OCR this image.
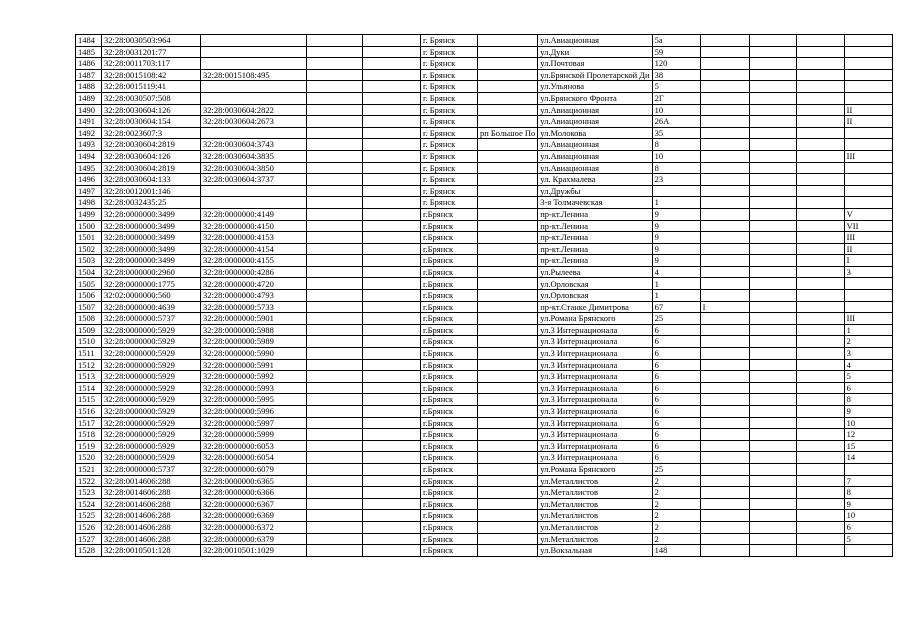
1484	32:28:0030503:964				г. Брянск		ул.Авиационная	5а				
1485	32:28:0031201:77				г. Брянск		ул.Дуки	59				
1486	32:28:0011703:117				г. Брянск		ул.Почтовая	120				
1487	32:28:0015108:42	32:28:0015108:495			г. Брянск		ул.Брянской Пролетарской Ди	38				
1488	32:28:0015119:41				г. Брянск		ул.Ульянова	5				
1489	32:28:0030507:508				г. Брянск		ул.Брянского Фронта	2Г				
1490	32:28:0030604:126	32:28:0030604:2822			г. Брянск		ул.Авиационная	10				II
1491	32:28:0030604:154	32:28:0030604:2673			г. Брянск		ул.Авиационная	26А				II
1492	32:28:0023607:3				г. Брянск	рп Большое По	ул.Молокова	35				
1493	32:28:0030604:2819	32:28:0030604:3743			г. Брянск		ул.Авиационная	8				
1494	32:28:0030604:126	32:28:0030604:3835			г. Брянск		ул.Авиационная	10				III
1495	32:28:0030604:2819	32:28:0030604:3850			г. Брянск		ул.Авиационная	8				
1496	32:28:0030604:133	32:28:0030604:3737			г. Брянск		ул. Крахмалева	23				
1497	32:28:0012001:146				г. Брянск		ул.Дружбы					
1498	32:28:0032435:25				г. Брянск		3-я Толмачевская	1				
1499	32:28:0000000:3499	32:28:0000000:4149			г.Брянск		пр-кт.Ленина	9				V
1500	32:28:0000000:3499	32:28:0000000:4150			г.Брянск		пр-кт.Ленина	9				VII
1501	32:28:0000000:3499	32:28:0000000:4153			г.Брянск		пр-кт.Ленина	9				III
1502	32:28:0000000:3499	32:28:0000000:4154			г.Брянск		пр-кт.Ленина	9				II
1503	32:28:0000000:3499	32:28:0000000:4155			г.Брянск		пр-кт.Ленина	9				I
1504	32:28:0000000:2960	32:28:0000000:4286			г.Брянск		ул.Рылеева	4				3
1505	32:28:0000000:1775	32:28:0000000:4720			г.Брянск		ул.Орловская	1				
1506	32:02:0000000:560	32:28:0000000:4793			г.Брянск		ул.Орловская	1				
1507	32:28:0000000:4639	32:28:0000000:5733			г.Брянск		пр-кт.Станке Димитрова	67	I			
1508	32:28:0000000:5737	32:28:0000000:5901			г.Брянск		ул.Романа Брянского	25				III
1509	32:28:0000000:5929	32:28:0000000:5988			г.Брянск		ул.3 Интернационала	6				1
1510	32:28:0000000:5929	32:28:0000000:5989			г.Брянск		ул.3 Интернационала	6				2
1511	32:28:0000000:5929	32:28:0000000:5990			г.Брянск		ул.3 Интернационала	6				3
1512	32:28:0000000:5929	32:28:0000000:5991			г.Брянск		ул.3 Интернационала	6				4
1513	32:28:0000000:5929	32:28:0000000:5992			г.Брянск		ул.3 Интернационала	6				5
1514	32:28:0000000:5929	32:28:0000000:5993			г.Брянск		ул.3 Интернационала	6				6
1515	32:28:0000000:5929	32:28:0000000:5995			г.Брянск		ул.3 Интернационала	6				8
1516	32:28:0000000:5929	32:28:0000000:5996			г.Брянск		ул.3 Интернационала	6				9
1517	32:28:0000000:5929	32:28:0000000:5997			г.Брянск		ул.3 Интернационала	6				10
1518	32:28:0000000:5929	32:28:0000000:5999			г.Брянск		ул.3 Интернационала	6				12
1519	32:28:0000000:5929	32:28:0000000:6053			г.Брянск		ул.3 Интернационала	6				15
1520	32:28:0000000:5929	32:28:0000000:6054			г.Брянск		ул.3 Интернационала	6				14
1521	32:28:0000000:5737	32:28:0000000:6079			г.Брянск		ул.Романа Брянского	25				
1522	32:28:0014606:288	32:28:0000000:6365			г.Брянск		ул.Металлистов	2				7
1523	32:28:0014606:288	32:28:0000000:6366			г.Брянск		ул.Металлистов	2				8
1524	32:28:0014606:288	32:28:0000000:6367			г.Брянск		ул.Металлистов	2				9
1525	32:28:0014606:288	32:28:0000000:6369			г.Брянск		ул.Металлистов	2				10
1526	32:28:0014606:288	32:28:0000000:6372			г.Брянск		ул.Металлистов	2				6
1527	32:28:0014606:288	32:28:0000000:6379			г.Брянск		ул.Металлистов	2				5
1528	32:28:0010501:128	32:28:0010501:1029			г.Брянск		ул.Вокзальная	148				
